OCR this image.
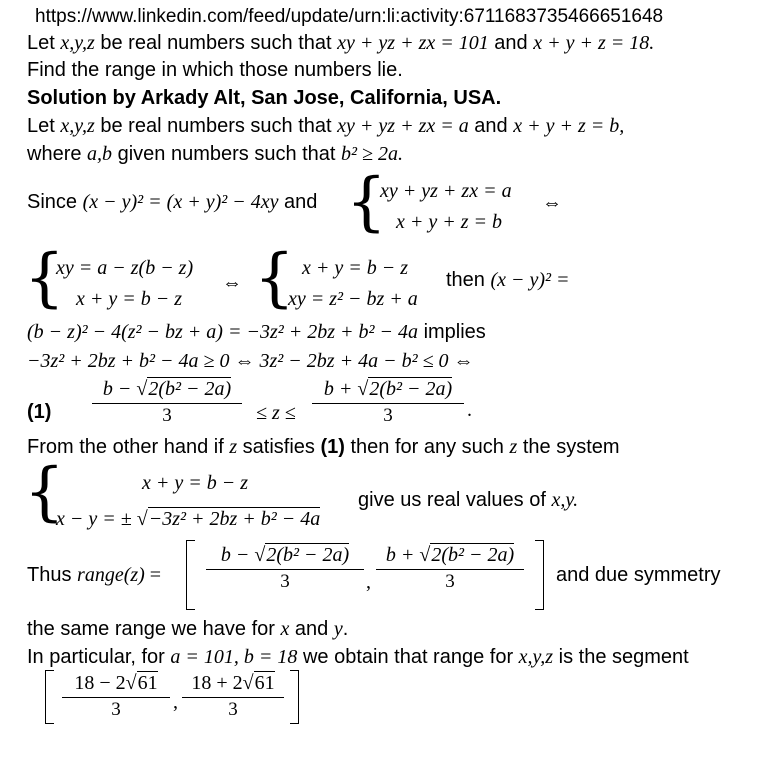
https://www.linkedin.com/feed/update/urn:li:activity:6711683735466651648
Let x,y,z be real numbers such that xy + yz + zx = 101 and x + y + z = 18.
Find the range in which those numbers lie.
Solution by Arkady Alt, San Jose, California, USA.
Let x,y,z be real numbers such that xy + yz + zx = a and x + y + z = b,
where a,b given numbers such that b² ≥ 2a.
Since (x − y)² = (x + y)² − 4xy and {
xy + yz + zx = a
x + y + z = b
⇔
{
xy = a − z(b − z)
x + y = b − z
⇔ { x + y = b − z
xy = z² − bz + a
then (x − y)² =
(b − z)² − 4(z² − bz + a) = −3z² + 2bz + b² − 4a implies
−3z² + 2bz + b² − 4a ≥ 0 ⇔ 3z² − 2bz + 4a − b² ≤ 0 ⇔
(1)
b − √2(b² − 2a)
3	≤ z ≤
b + √2(b² − 2a)
3	.
From the other hand if z satisfies (1) then for any such z the system
{	x + y = b − z
x − y = ± √−3z² + 2bz + b² − 4a
give us real values of x,y.
Thus range(z) =
b − √2(b² − 2a)
3	,
b + √2(b² − 2a)
3	and due symmetry
the same range we have for x and y.
In particular, for a = 101, b = 18 we obtain that range for x,y,z is the segment
18 − 2√61
3	,
18 + 2√61
3
